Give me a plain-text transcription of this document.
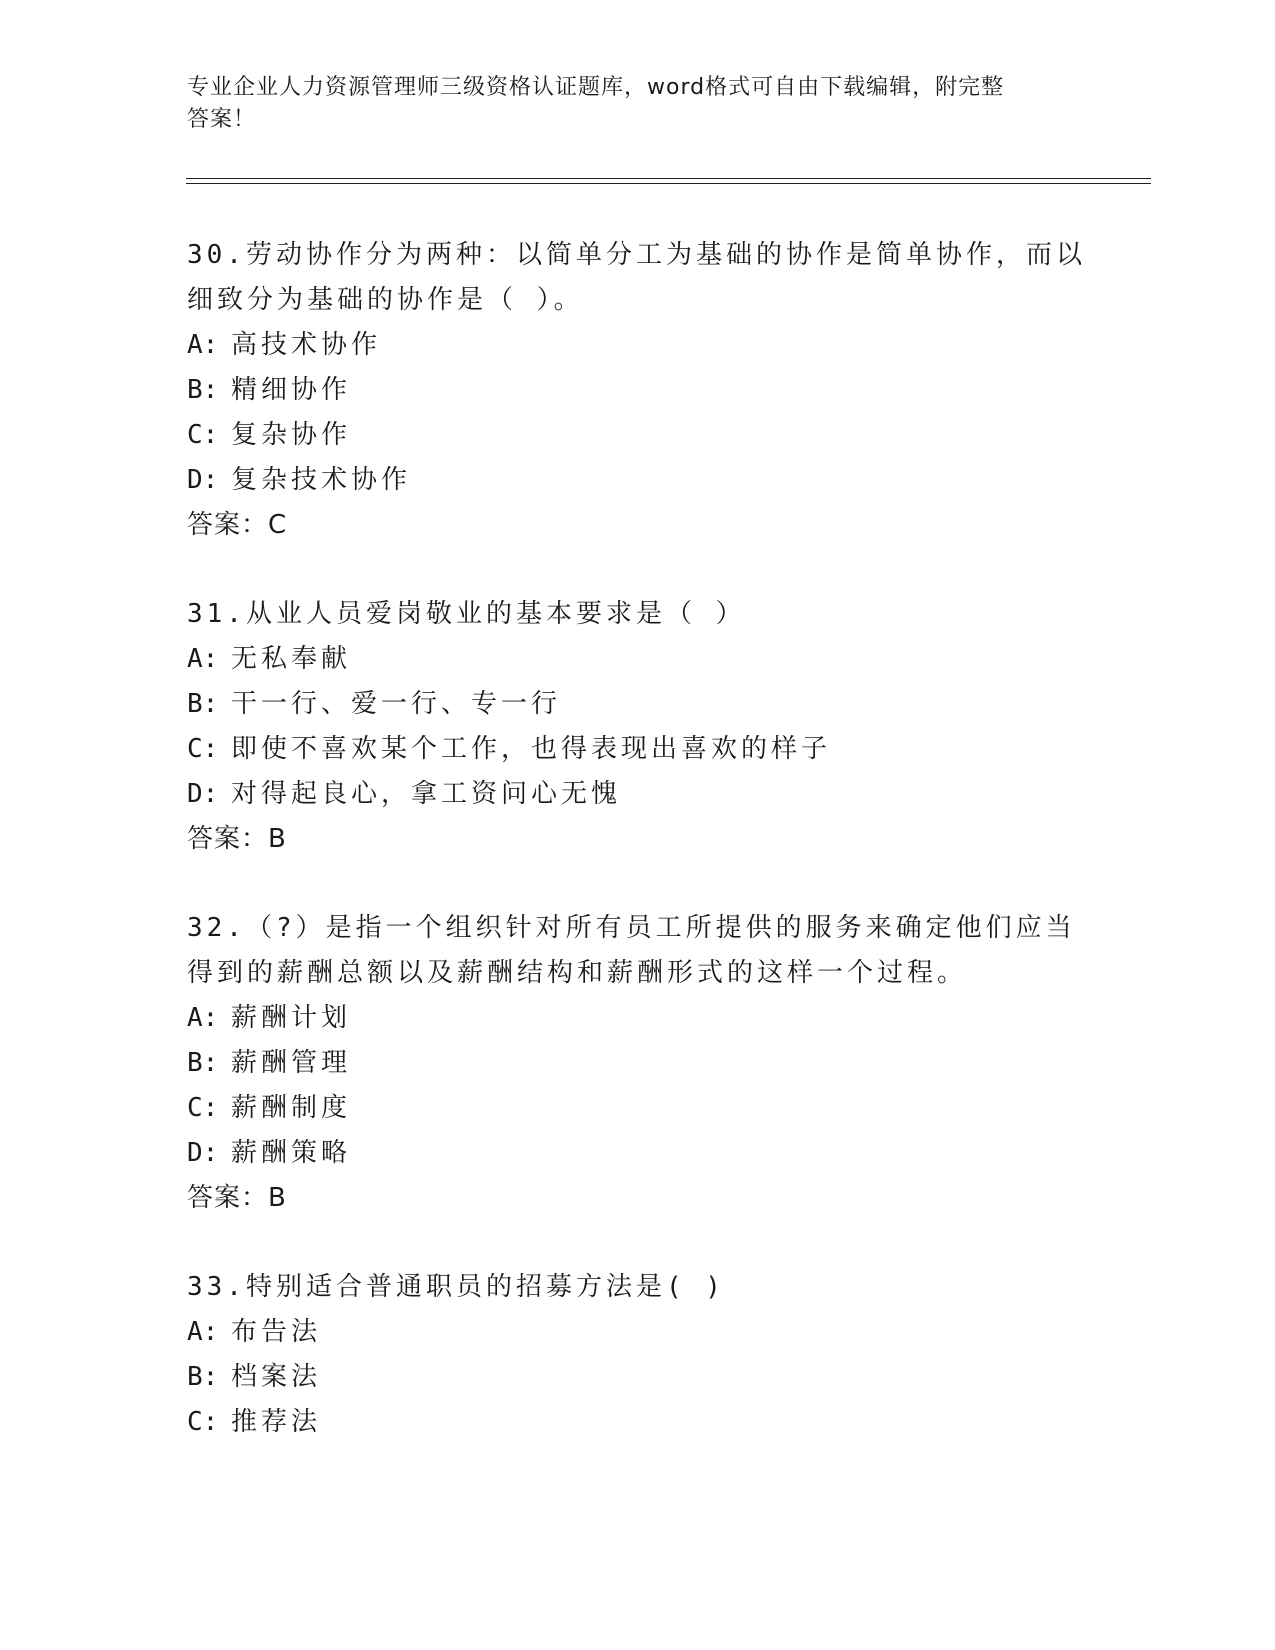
专业企业人力资源管理师三级资格认证题库，word格式可自由下载编辑，附完整
答案！

30.劳动协作分为两种：以简单分工为基础的协作是简单协作，而以细致分为基础的协作是（ ）。

A: 高技术协作

B: 精细协作

C: 复杂协作

D: 复杂技术协作

答案：C

31.从业人员爱岗敬业的基本要求是（ ）

A: 无私奉献

B: 干一行、爱一行、专一行

C: 即使不喜欢某个工作，也得表现出喜欢的样子

D: 对得起良心，拿工资问心无愧

答案：B

32.（?）是指一个组织针对所有员工所提供的服务来确定他们应当得到的薪酬总额以及薪酬结构和薪酬形式的这样一个过程。

A: 薪酬计划

B: 薪酬管理

C: 薪酬制度

D: 薪酬策略

答案：B

33.特别适合普通职员的招募方法是( )

A: 布告法

B: 档案法

C: 推荐法
